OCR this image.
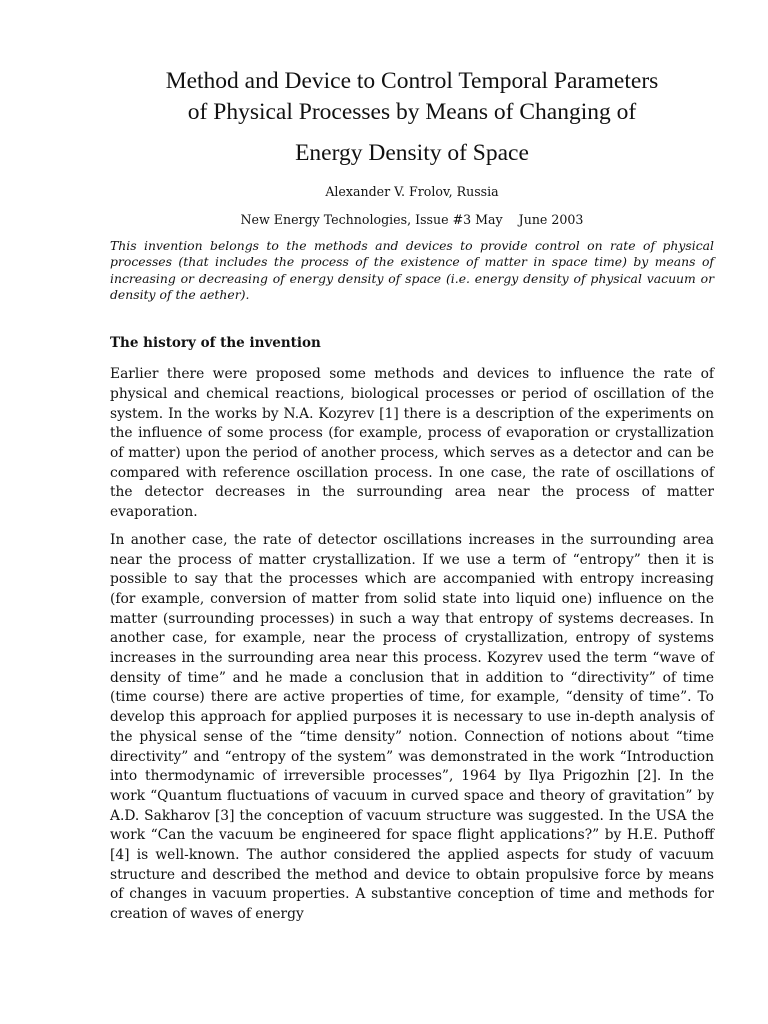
Method and Device to Control Temporal Parameters
of Physical Processes by Means of Changing of
Energy Density of Space

Alexander V. Frolov, Russia

New Energy Technologies, Issue #3 May    June 2003

This invention belongs to the methods and devices to provide control on rate of physical processes (that includes the process of the existence of matter in space time) by means of increasing or decreasing of energy density of space (i.e. energy density of physical vacuum or density of the aether).

The history of the invention

Earlier there were proposed some methods and devices to influence the rate of physical and chemical reactions, biological processes or period of oscillation of the system. In the works by N.A. Kozyrev [1] there is a description of the experiments on the influence of some process (for example, process of evaporation or crystallization of matter) upon the period of another process, which serves as a detector and can be compared with reference oscillation process. In one case, the rate of oscillations of the detector decreases in the surrounding area near the process of matter evaporation.

In another case, the rate of detector oscillations increases in the surrounding area near the process of matter crystallization. If we use a term of “entropy” then it is possible to say that the processes which are accompanied with entropy increasing (for example, conversion of matter from solid state into liquid one) influence on the matter (surrounding processes) in such a way that entropy of systems decreases. In another case, for example, near the process of crystallization, entropy of systems increases in the surrounding area near this process. Kozyrev used the term “wave of density of time” and he made a conclusion that in addition to “directivity” of time (time course) there are active properties of time, for example, “density of time”. To develop this approach for applied purposes it is necessary to use in-depth analysis of the physical sense of the “time density” notion. Connection of notions about “time directivity” and “entropy of the system” was demonstrated in the work “Introduction into thermodynamic of irreversible processes”, 1964 by Ilya Prigozhin [2]. In the work “Quantum fluctuations of vacuum in curved space and theory of gravitation” by A.D. Sakharov [3] the conception of vacuum structure was suggested. In the USA the work “Can the vacuum be engineered for space flight applications?” by H.E. Puthoff [4] is well-known. The author considered the applied aspects for study of vacuum structure and described the method and device to obtain propulsive force by means of changes in vacuum properties. A substantive conception of time and methods for creation of waves of energy
